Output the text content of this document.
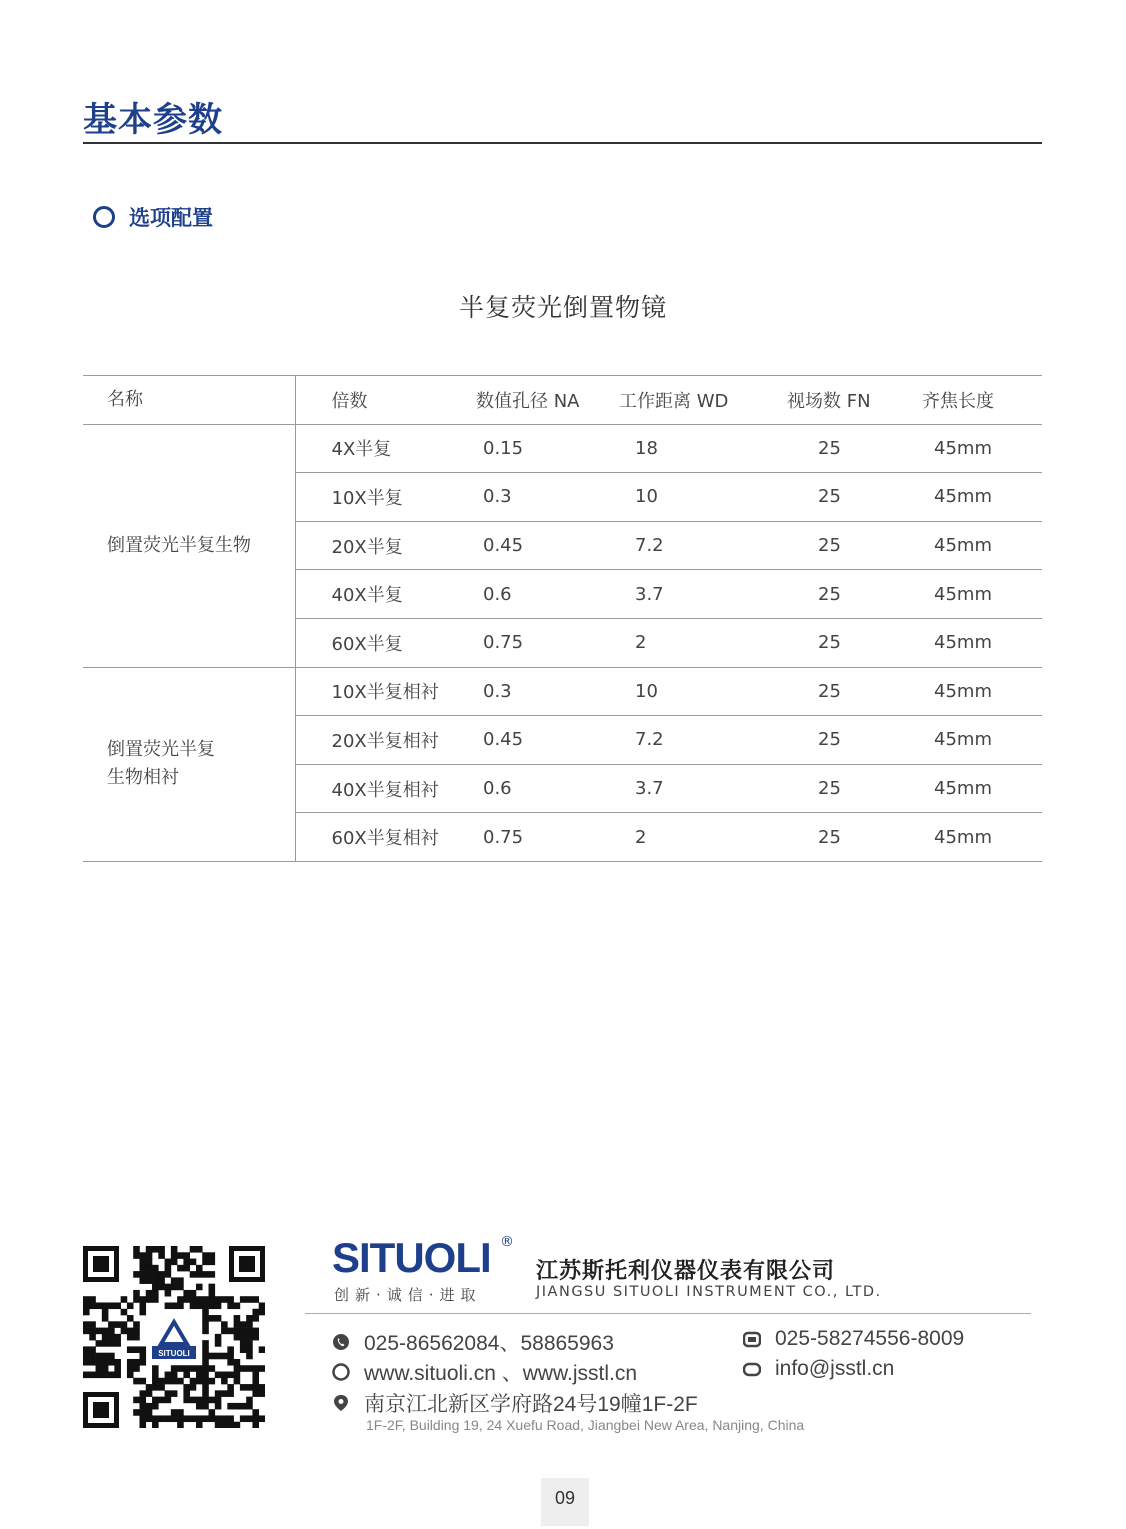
基本参数
选项配置
半复荧光倒置物镜
名称	倍数	数值孔径 NA	工作距离 WD	视场数 FN	齐焦长度
倒置荧光半复生物	4X半复	0.15	18	25	45mm
	10X半复	0.3	10	25	45mm
	20X半复	0.45	7.2	25	45mm
	40X半复	0.6	3.7	25	45mm
	60X半复	0.75	2	25	45mm
倒置荧光半复
生物相衬	10X半复相衬	0.3	10	25	45mm
	20X半复相衬	0.45	7.2	25	45mm
	40X半复相衬	0.6	3.7	25	45mm
	60X半复相衬	0.75	2	25	45mm
SITUOLI
SITUOLI ®
创新·诚信·进取
江苏斯托利仪器仪表有限公司
JIANGSU SITUOLI INSTRUMENT CO., LTD.
025-86562084、58865963	025-58274556-8009
www.situoli.cn 、www.jsstl.cn	info@jsstl.cn
南京江北新区学府路24号19幢1F-2F
1F-2F, Building 19, 24 Xuefu Road, Jiangbei New Area, Nanjing, China
09
